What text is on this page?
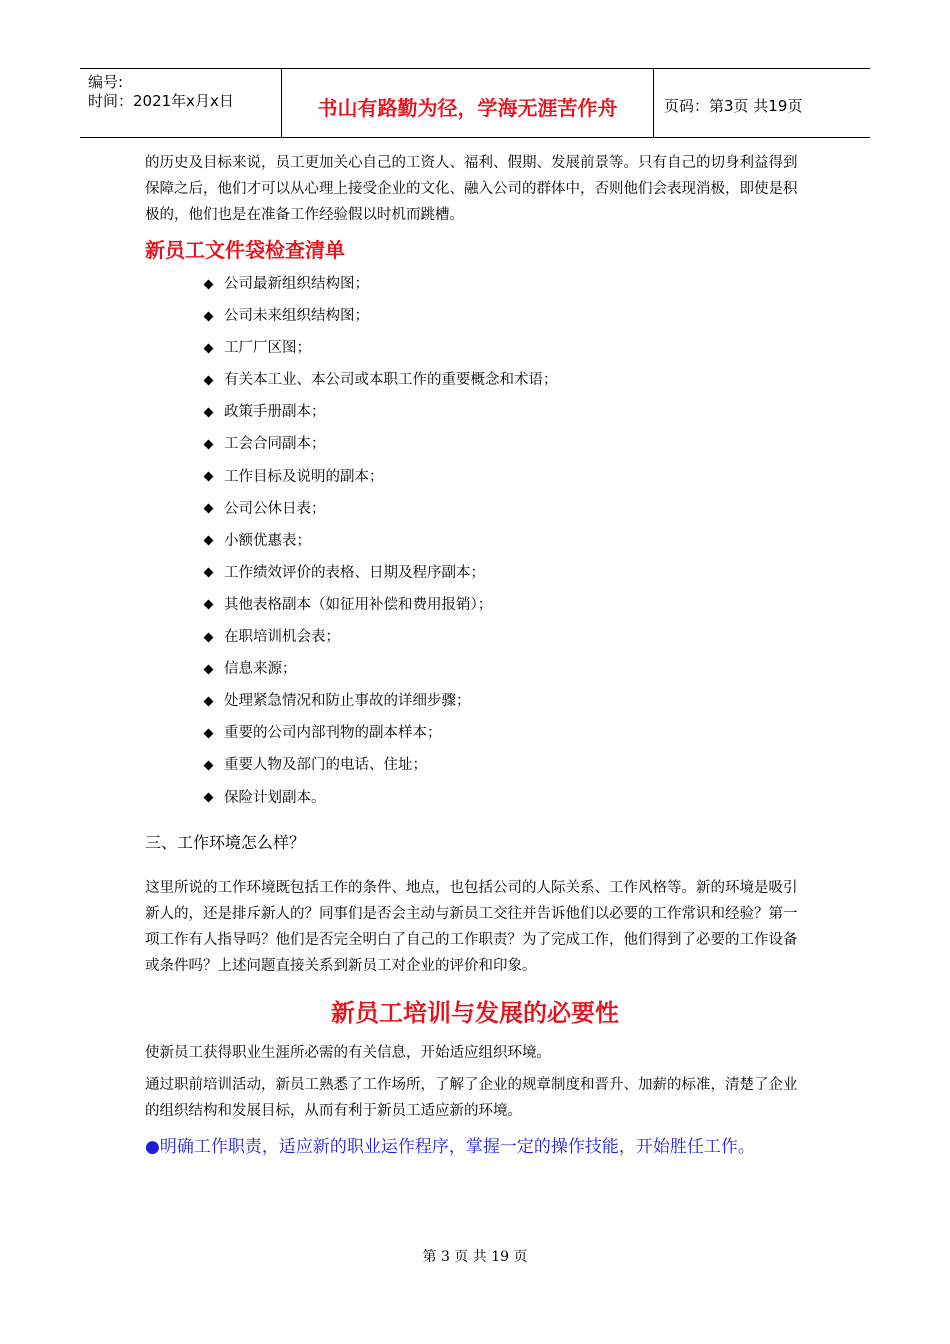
编号:
时间：2021年x月x日	书山有路勤为径，学海无涯苦作舟	页码：第3页 共19页

的历史及目标来说，员工更加关心自己的工资人、福利、假期、发展前景等。只有自己的切身利益得到保障之后，他们才可以从心理上接受企业的文化、融入公司的群体中，否则他们会表现消极，即使是积极的，他们也是在准备工作经验假以时机而跳槽。

新员工文件袋检查清单
公司最新组织结构图；
公司未来组织结构图；
工厂厂区图；
有关本工业、本公司或本职工作的重要概念和术语；
政策手册副本；
工会合同副本；
工作目标及说明的副本；
公司公休日表；
小额优惠表；
工作绩效评价的表格、日期及程序副本；
其他表格副本（如征用补偿和费用报销）；
在职培训机会表；
信息来源；
处理紧急情况和防止事故的详细步骤；
重要的公司内部刊物的副本样本；
重要人物及部门的电话、住址；
保险计划副本。
三、工作环境怎么样？

这里所说的工作环境既包括工作的条件、地点，也包括公司的人际关系、工作风格等。新的环境是吸引新人的，还是排斥新人的？同事们是否会主动与新员工交往并告诉他们以必要的工作常识和经验？第一项工作有人指导吗？他们是否完全明白了自己的工作职责？为了完成工作，他们得到了必要的工作设备或条件吗？上述问题直接关系到新员工对企业的评价和印象。

新员工培训与发展的必要性

使新员工获得职业生涯所必需的有关信息，开始适应组织环境。

通过职前培训活动，新员工熟悉了工作场所，了解了企业的规章制度和晋升、加薪的标准，清楚了企业的组织结构和发展目标，从而有利于新员工适应新的环境。

●明确工作职责，适应新的职业运作程序，掌握一定的操作技能，开始胜任工作。
第 3 页 共 19 页
